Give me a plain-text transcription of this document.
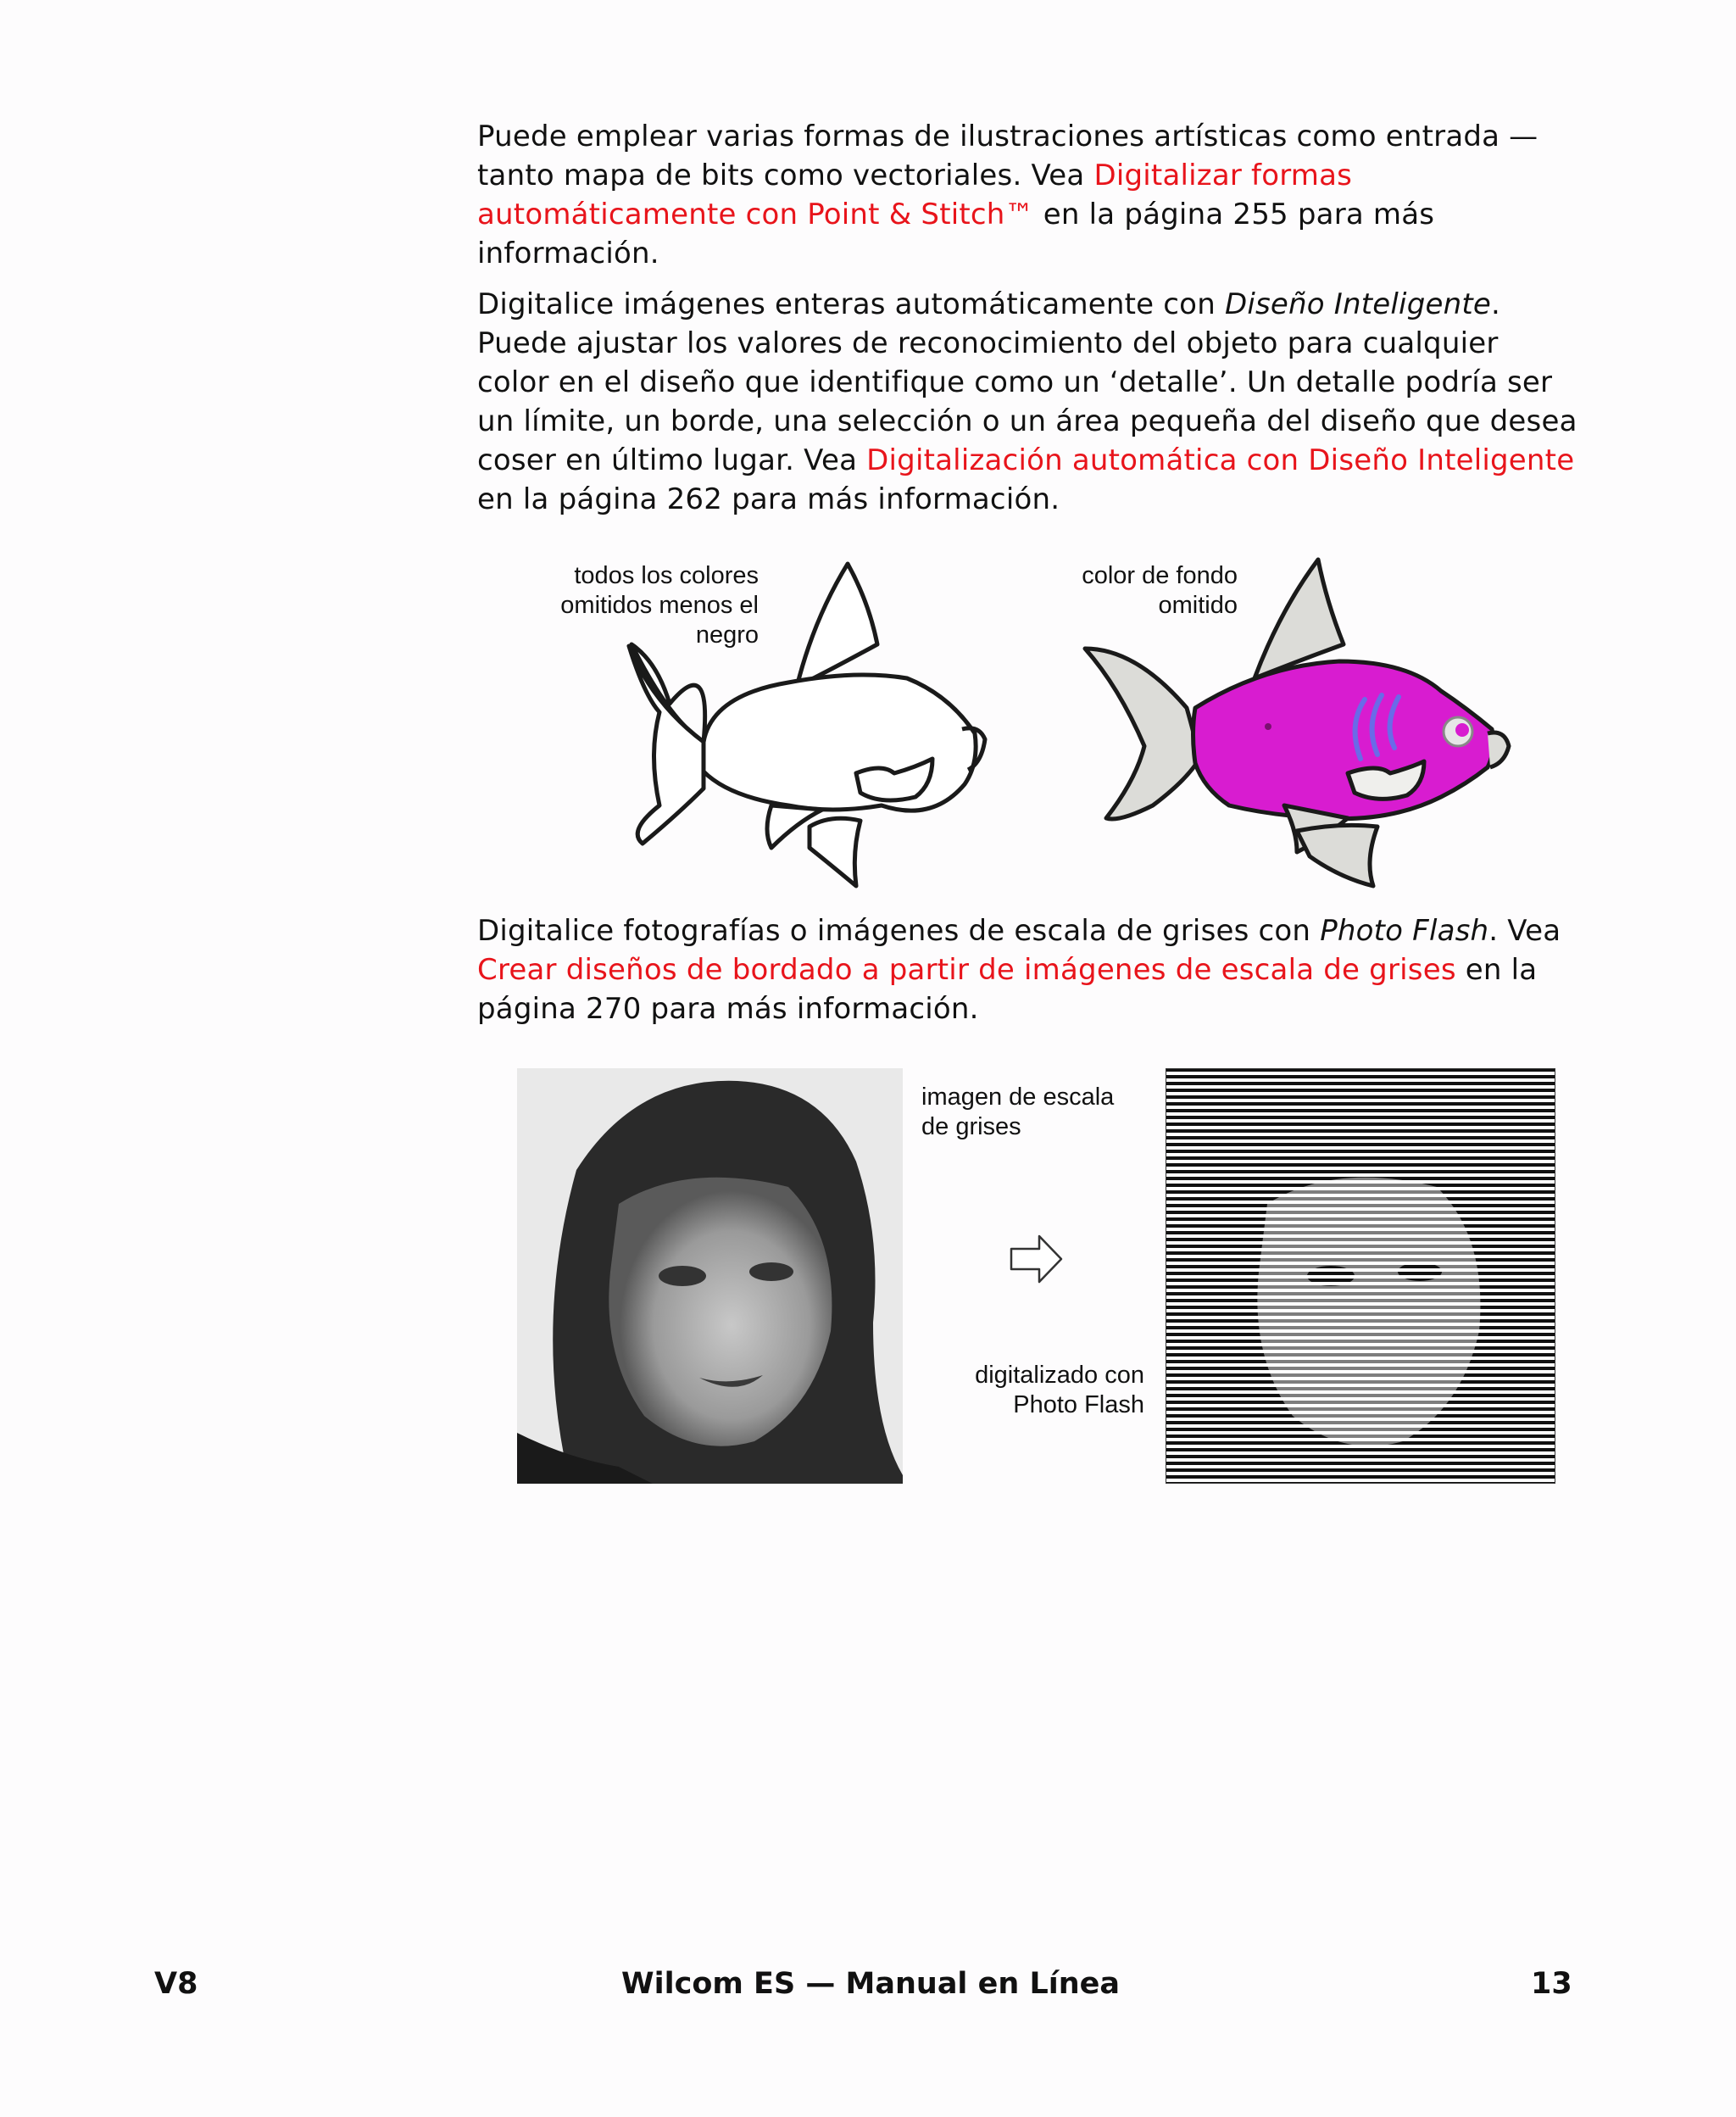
Puede emplear varias formas de ilustraciones artísticas como entrada — tanto mapa de bits como vectoriales. Vea Digitalizar formas automáticamente con Point & Stitch™ en la página 255 para más información.

Digitalice imágenes enteras automáticamente con Diseño Inteligente. Puede ajustar los valores de reconocimiento del objeto para cualquier color en el diseño que identifique como un ‘detalle’. Un detalle podría ser un límite, un borde, una selección o un área pequeña del diseño que desea coser en último lugar. Vea Digitalización automática con Diseño Inteligente en la página 262 para más información.

todos los colores
omitidos menos el
negro
color de fondo
omitido

Digitalice fotografías o imágenes de escala de grises con Photo Flash. Vea Crear diseños de bordado a partir de imágenes de escala de grises en la página 270 para más información.

imagen de escala
de grises
digitalizado con
Photo Flash
V8	Wilcom ES — Manual en Línea	13
